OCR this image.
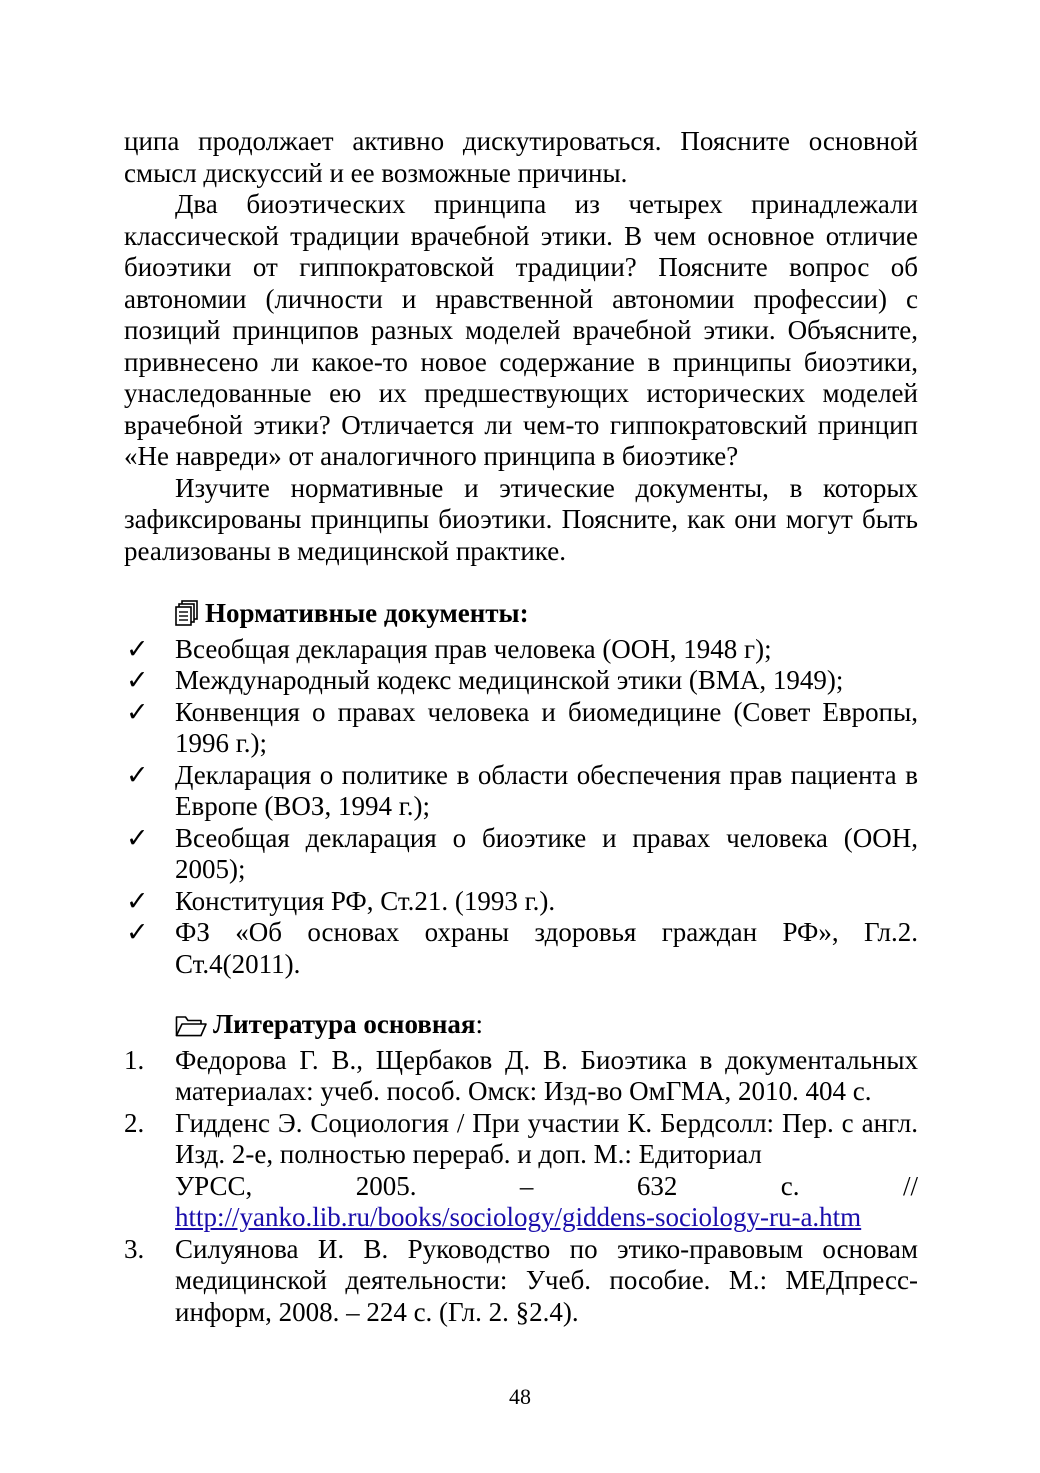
ципа продолжает активно дискутироваться. Поясните основной смысл дискуссий и ее возможные причины.

Два биоэтических принципа из четырех принадлежали классической традиции врачебной этики. В чем основное отличие биоэтики от гиппократовской традиции? Поясните вопрос об автономии (личности и нравственной автономии профессии) с позиций принципов разных моделей врачебной этики. Объясните, привнесено ли какое-то новое содержание в принципы биоэтики, унаследованные ею их предшествующих исторических моделей врачебной этики? Отличается ли чем-то гиппократовский принцип «Не навреди» от аналогичного принципа в биоэтике?

Изучите нормативные и этические документы, в которых зафиксированы принципы биоэтики. Поясните, как они могут быть реализованы в медицинской практике.

Нормативные документы:
✓ Всеобщая декларация прав человека (ООН, 1948 г);
✓ Международный кодекс медицинской этики (ВМА, 1949);
✓ Конвенция о правах человека и биомедицине (Совет Европы, 1996 г.);
✓ Декларация о политике в области обеспечения прав пациента в Европе (ВОЗ, 1994 г.);
✓ Всеобщая декларация о биоэтике и правах человека (ООН, 2005);
✓ Конституция РФ, Ст.21. (1993 г.).
✓ ФЗ «Об основах охраны здоровья граждан РФ», Гл.2. Ст.4(2011).
Литература основная:
1. Федорова Г. В., Щербаков Д. В. Биоэтика в документальных материалах: учеб. пособ. Омск: Изд-во ОмГМА, 2010. 404 с.
2. Гидденс Э. Социология / При участии К. Бердсолл: Пер. с англ. Изд. 2-е, полностью перераб. и доп. М.: Едиториал
УРСС,	2005.	–	632	с.	//
http://yanko.lib.ru/books/sociology/giddens-sociology-ru-a.htm
3. Силуянова И. В. Руководство по этико-правовым основам медицинской деятельности: Учеб. пособие. М.: МЕДпресс-информ, 2008. – 224 с. (Гл. 2. §2.4).
48
